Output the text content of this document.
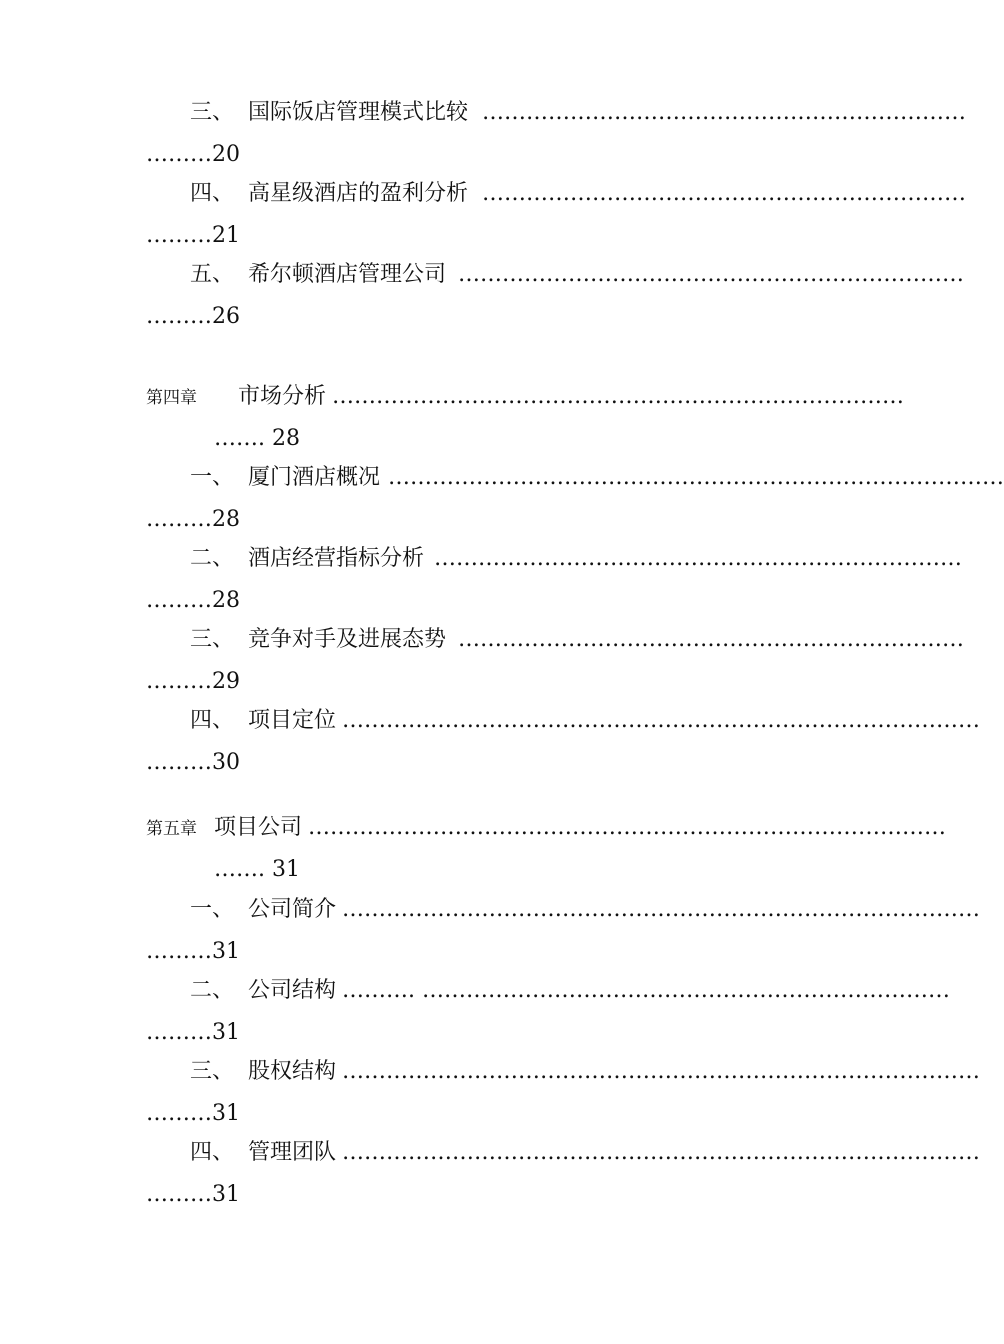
三、 国际饭店管理模式比较 …………………………………………………………
………20
四、 高星级酒店的盈利分析 …………………………………………………………
………21
五、 希尔顿酒店管理公司 ……………………………………………………………
………26
第四章 市场分析 ……………………………………………………………………
……. 28
一、 厦门酒店概况 …………………………………………………………………………
………28
二、 酒店经营指标分析 ………………………………………………………………
………28
三、 竞争对手及进展态势 ……………………………………………………………
………29
四、 项目定位 ……………………………………………………………………………
………30
第五章 项目公司 ……………………………………………………………………………
……. 31
一、 公司简介 ……………………………………………………………………………
………31
二、 公司结构 ………. ………………………………………………………………
………31
三、 股权结构 ……………………………………………………………………………
………31
四、 管理团队 ……………………………………………………………………………
………31
